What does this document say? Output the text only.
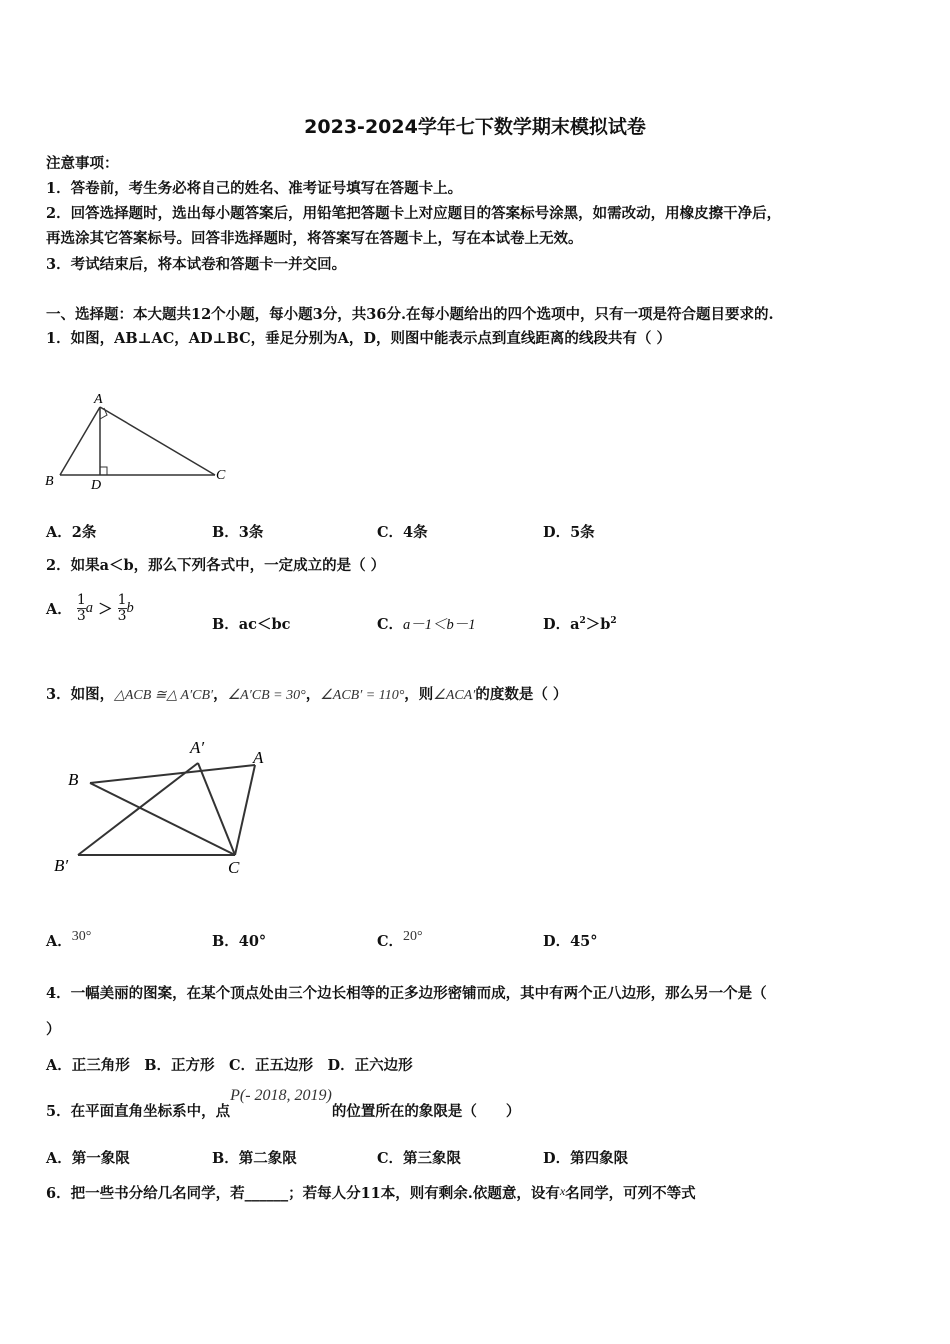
2023-2024学年七下数学期末模拟试卷
注意事项：
1．答卷前，考生务必将自己的姓名、准考证号填写在答题卡上。
2．回答选择题时，选出每小题答案后，用铅笔把答题卡上对应题目的答案标号涂黑，如需改动，用橡皮擦干净后，
再选涂其它答案标号。回答非选择题时，将答案写在答题卡上，写在本试卷上无效。
3．考试结束后，将本试卷和答题卡一并交回。
一、选择题：本大题共12个小题，每小题3分，共36分.在每小题给出的四个选项中，只有一项是符合题目要求的.
1．如图，AB⊥AC，AD⊥BC，垂足分别为A，D，则图中能表示点到直线距离的线段共有（ ）
A
B	C
D
A．2条	B．3条	C．4条	D．5条
2．如果a＜b，那么下列各式中，一定成立的是（ ）
A． $\frac{1}{3}$ $a > \frac{1}{3}$ b
B．ac＜bc	C．a－1＜b－1	D．$a^2>b^2$
3．如图，△ACB ≅△ A′CB′，∠A′CB = 30°，∠ACB′ = 110°，则∠ACA′的度数是（ ）
A′
A
B
B′	C
A．30°	B．40°	C．20°	D．45°
4．一幅美丽的图案，在某个顶点处由三个边长相等的正多边形密铺而成，其中有两个正八边形，那么另一个是（
）
A．正三角形　B．正方形　C．正五边形　D．正六边形
5．在平面直角坐标系中，点P(- 2018, 2019)的位置所在的象限是（　　）
A．第一象限	B．第二象限	C．第三象限	D．第四象限
6．把一些书分给几名同学，若______；若每人分11本，则有剩余.依题意，设有$^x$名同学，可列不等式
